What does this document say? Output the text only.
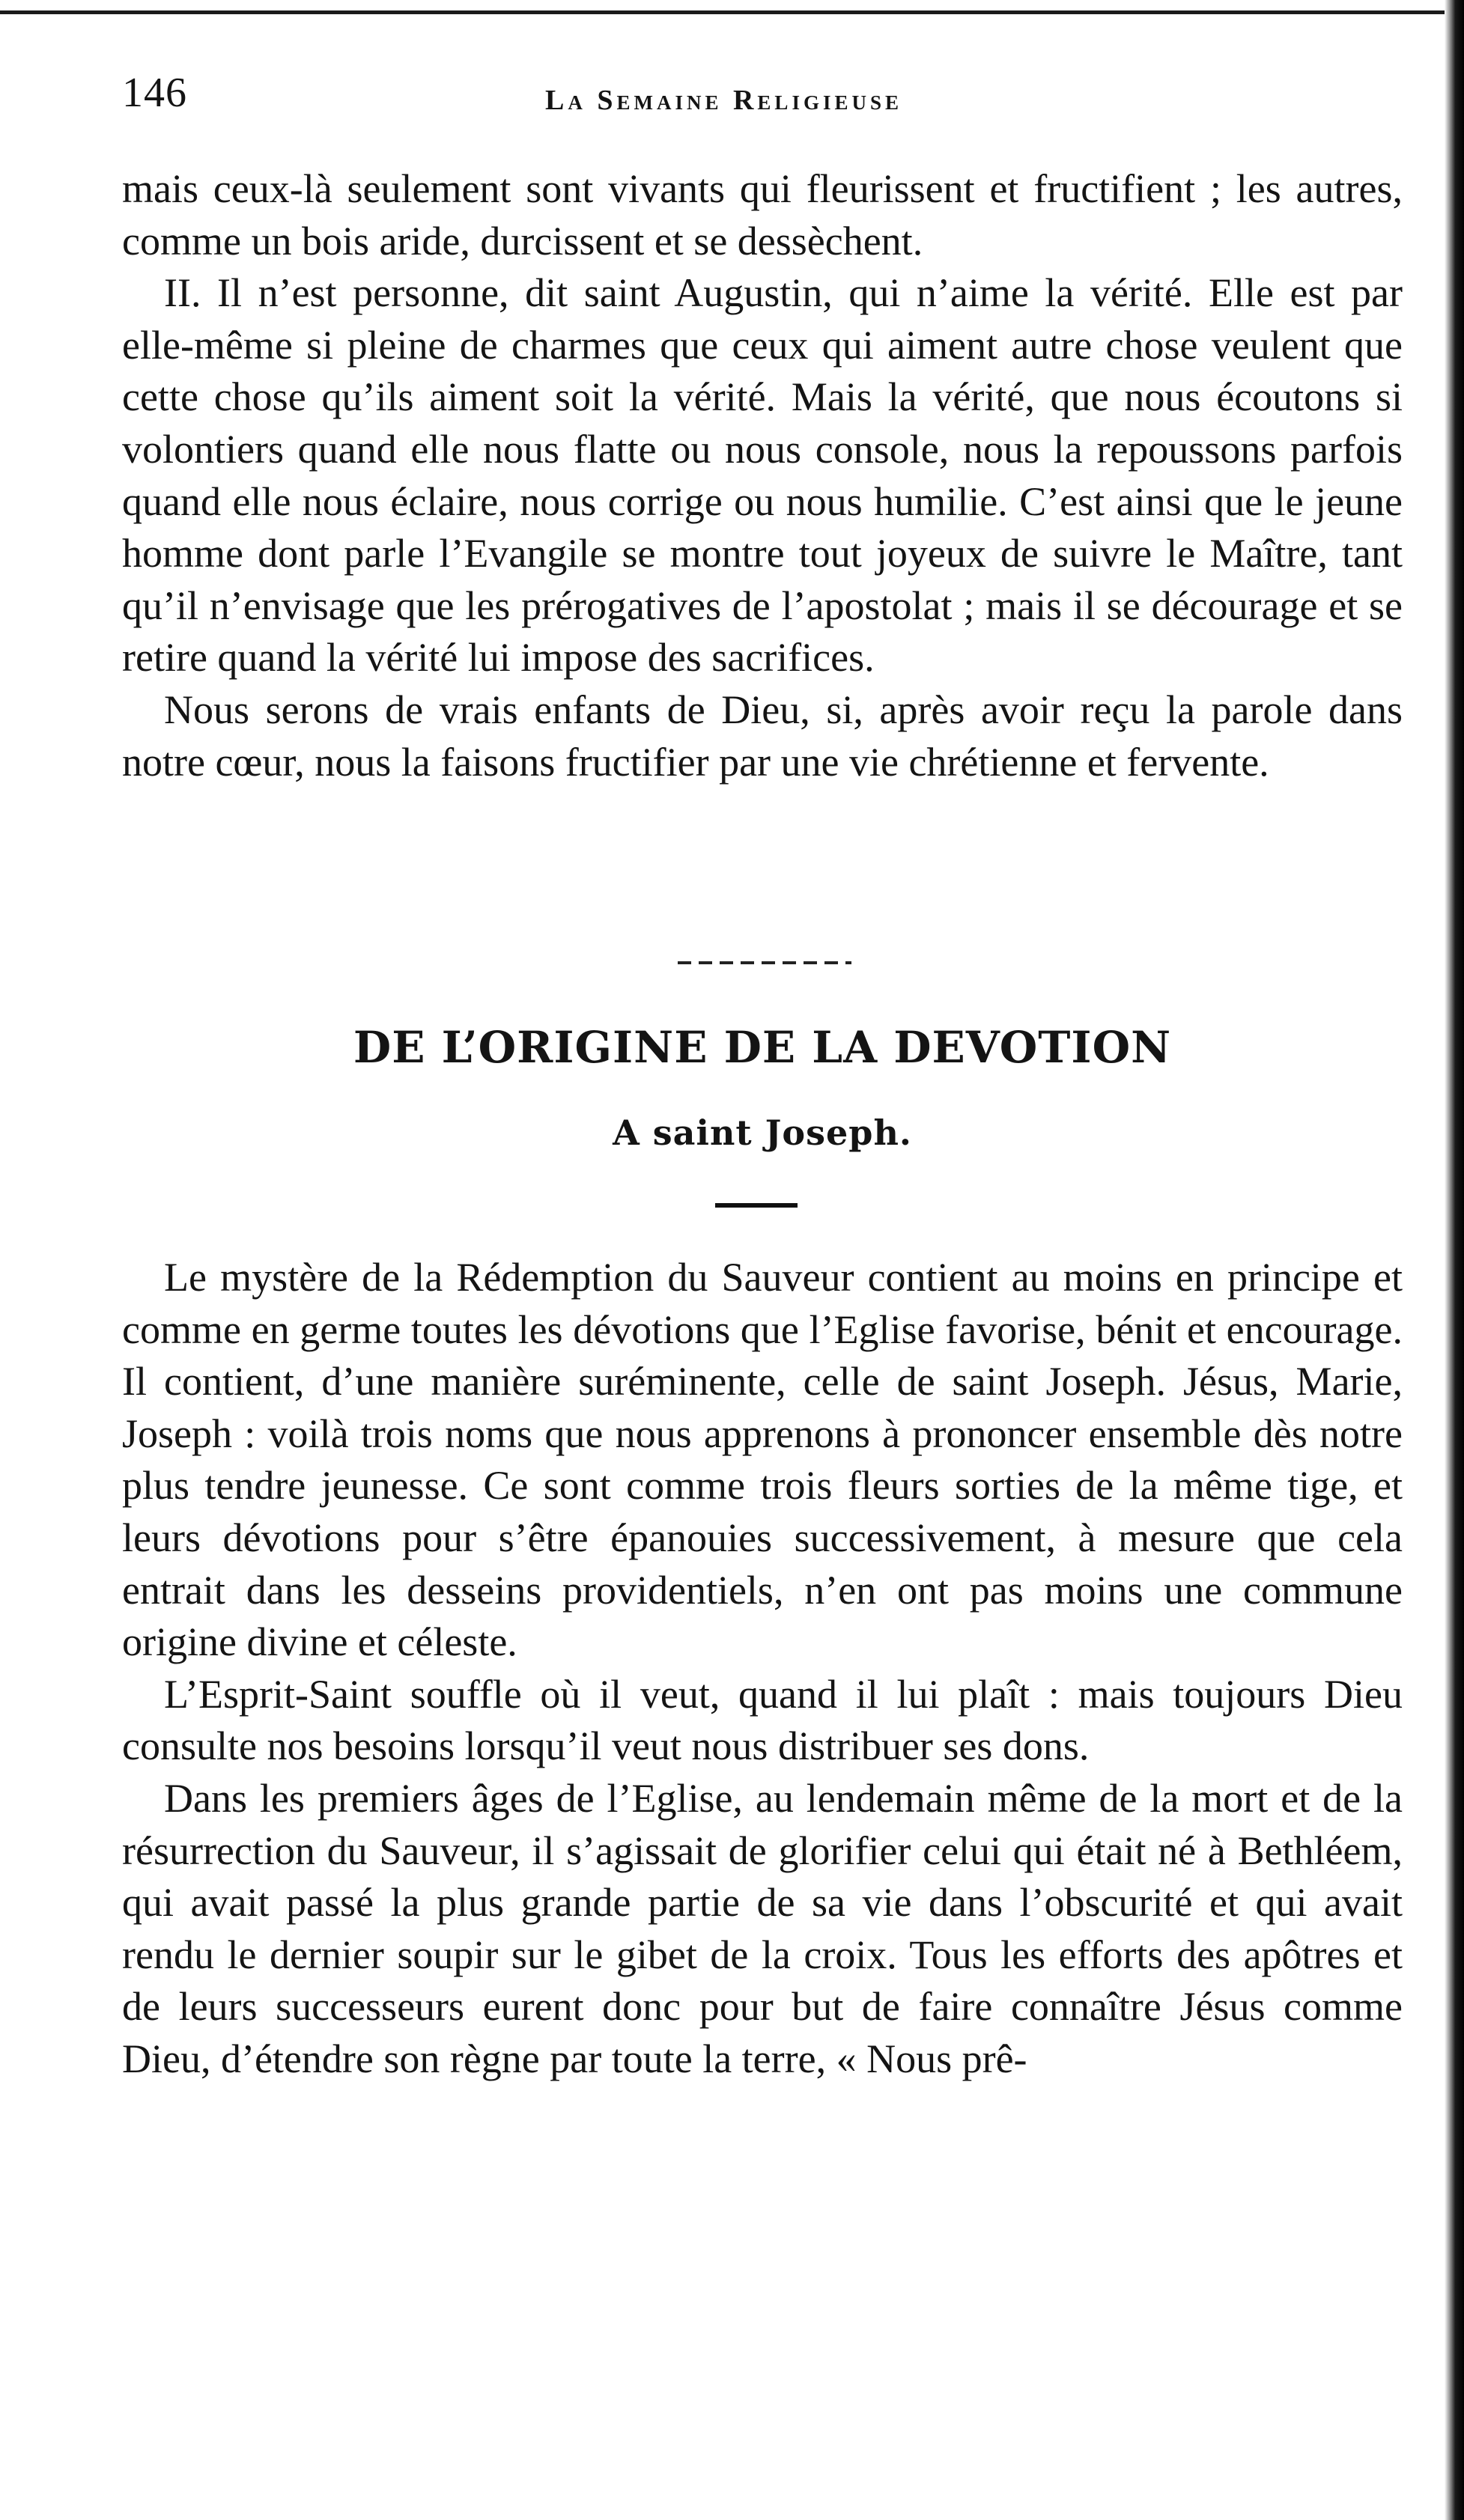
146	La Semaine Religieuse

mais ceux-là seulement sont vivants qui fleurissent et fructifient ; les autres, comme un bois aride, durcissent et se dessèchent.

II. Il n’est personne, dit saint Augustin, qui n’aime la vérité. Elle est par elle-même si pleine de charmes que ceux qui aiment autre chose veulent que cette chose qu’ils aiment soit la vérité. Mais la vérité, que nous écoutons si volontiers quand elle nous flatte ou nous console, nous la repoussons parfois quand elle nous éclaire, nous corrige ou nous humilie. C’est ainsi que le jeune homme dont parle l’Evangile se montre tout joyeux de suivre le Maître, tant qu’il n’envisage que les prérogatives de l’apostolat ; mais il se décourage et se retire quand la vérité lui impose des sacrifices.

Nous serons de vrais enfants de Dieu, si, après avoir reçu la parole dans notre cœur, nous la faisons fructifier par une vie chrétienne et fervente.

DE L’ORIGINE DE LA DEVOTION
A saint Joseph.

Le mystère de la Rédemption du Sauveur contient au moins en principe et comme en germe toutes les dévotions que l’Eglise favorise, bénit et encourage. Il contient, d’une manière suréminente, celle de saint Joseph. Jésus, Marie, Joseph : voilà trois noms que nous apprenons à prononcer ensemble dès notre plus tendre jeunesse. Ce sont comme trois fleurs sorties de la même tige, et leurs dévotions pour s’être épanouies successivement, à mesure que cela entrait dans les desseins providentiels, n’en ont pas moins une commune origine divine et céleste.

L’Esprit-Saint souffle où il veut, quand il lui plaît : mais toujours Dieu consulte nos besoins lorsqu’il veut nous distribuer ses dons.

Dans les premiers âges de l’Eglise, au lendemain même de la mort et de la résurrection du Sauveur, il s’agissait de glorifier celui qui était né à Bethléem, qui avait passé la plus grande partie de sa vie dans l’obscurité et qui avait rendu le dernier soupir sur le gibet de la croix. Tous les efforts des apôtres et de leurs successeurs eurent donc pour but de faire connaître Jésus comme Dieu, d’étendre son règne par toute la terre, « Nous prê-
